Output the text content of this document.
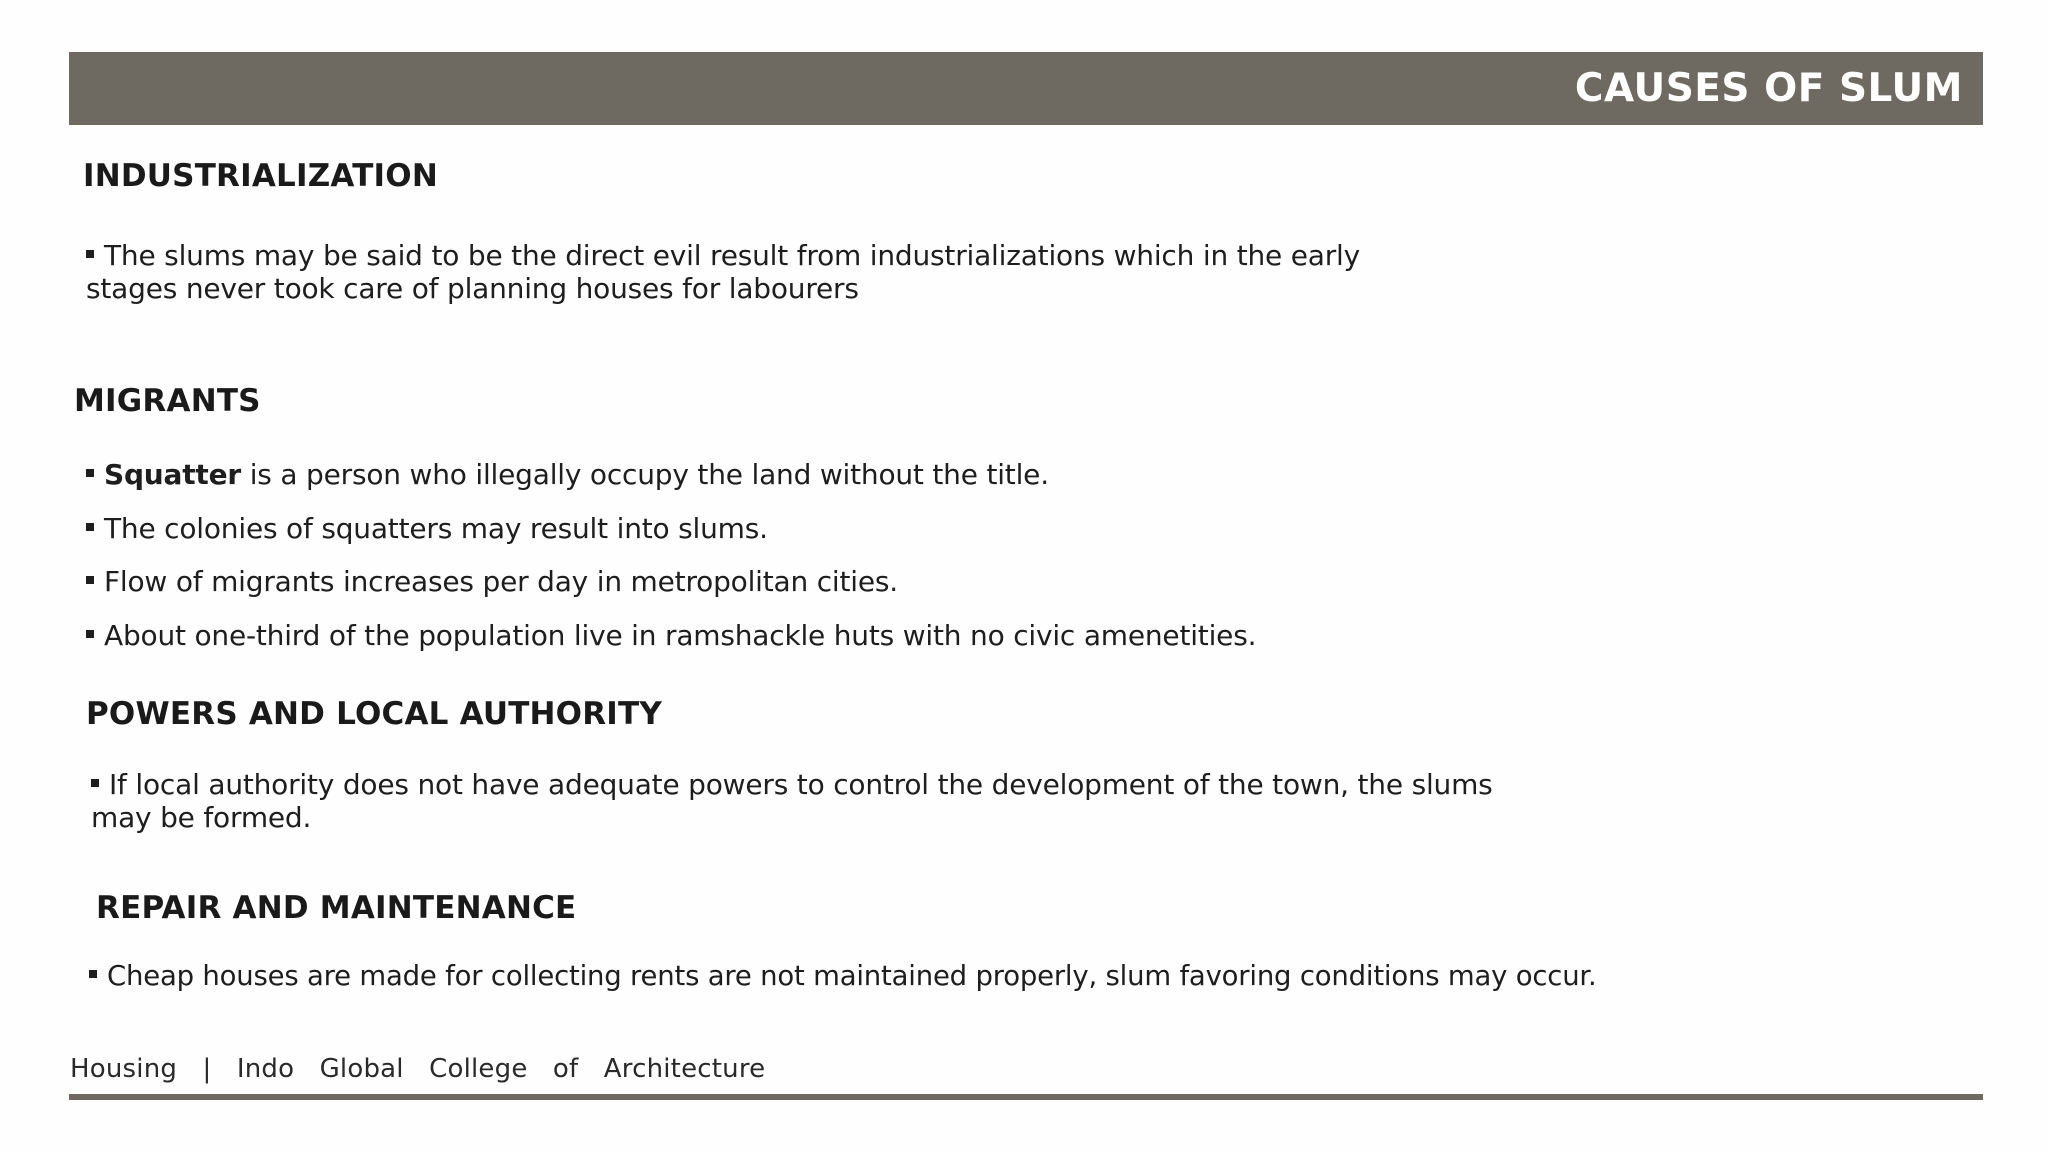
CAUSES OF SLUM
INDUSTRIALIZATION

The slums may be said to be the direct evil result from industrializations which in the early
stages never took care of planning houses for labourers

MIGRANTS

Squatter is a person who illegally occupy the land without the title.

The colonies of squatters may result into slums.

Flow of migrants increases per day in metropolitan cities.

About one-third of the population live in ramshackle huts with no civic amenetities.

POWERS AND LOCAL AUTHORITY

If local authority does not have adequate powers to control the development of the town, the slums
may be formed.

REPAIR AND MAINTENANCE

Cheap houses are made for collecting rents are not maintained properly, slum favoring conditions may occur.

Housing   |   Indo   Global   College   of   Architecture
